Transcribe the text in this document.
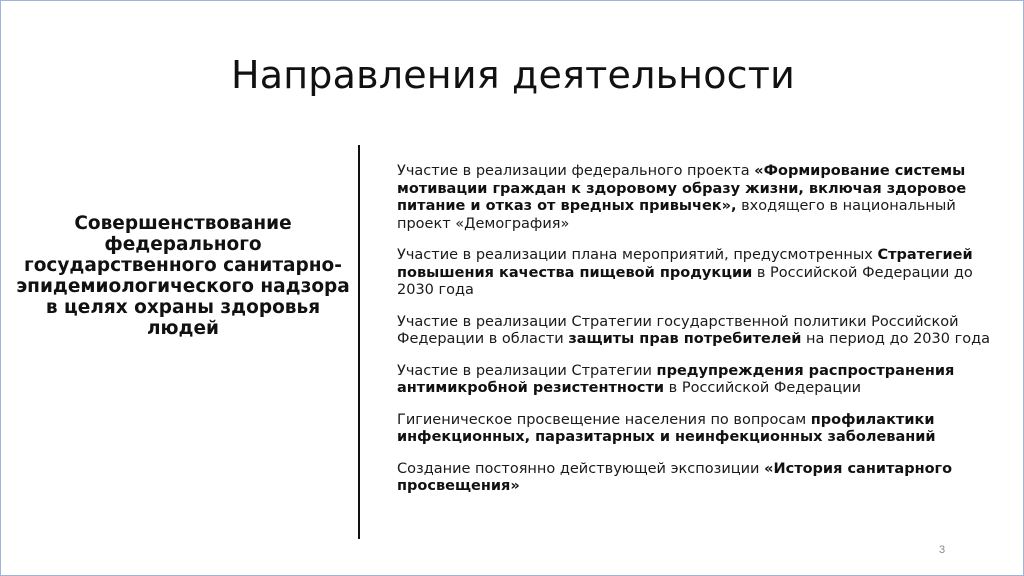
Направления деятельности
Совершенствование федерального государственного санитарно-эпидемиологического надзора в целях охраны здоровья людей
Участие в реализации федерального проекта «Формирование системы мотивации граждан к здоровому образу жизни, включая здоровое питание и отказ от вредных привычек», входящего в национальный проект «Демография»
Участие в реализации плана мероприятий, предусмотренных Стратегией повышения качества пищевой продукции в Российской Федерации до 2030 года
Участие в реализации Стратегии государственной политики Российской Федерации в области защиты прав потребителей на период до 2030 года
Участие в реализации Стратегии предупреждения распространения антимикробной резистентности в Российской Федерации
Гигиеническое просвещение населения по вопросам профилактики инфекционных, паразитарных и неинфекционных заболеваний
Создание постоянно действующей экспозиции «История санитарного просвещения»
3
